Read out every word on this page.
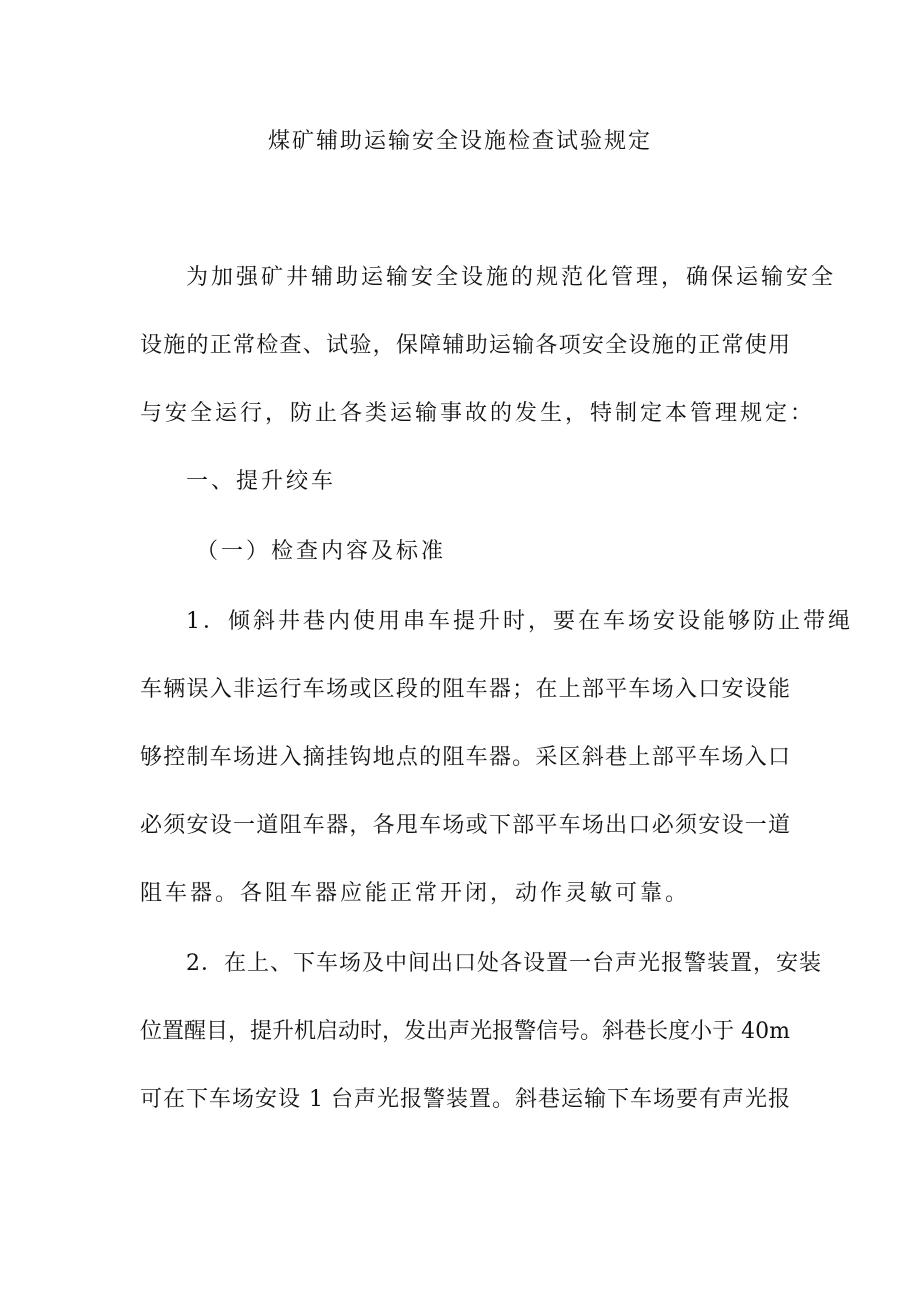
煤矿辅助运输安全设施检查试验规定
为加强矿井辅助运输安全设施的规范化管理，确保运输安全
设施的正常检查、试验，保障辅助运输各项安全设施的正常使用
与安全运行，防止各类运输事故的发生，特制定本管理规定：
一、提升绞车
（一）检查内容及标准
1．倾斜井巷内使用串车提升时，要在车场安设能够防止带绳
车辆误入非运行车场或区段的阻车器；在上部平车场入口安设能
够控制车场进入摘挂钩地点的阻车器。采区斜巷上部平车场入口
必须安设一道阻车器，各甩车场或下部平车场出口必须安设一道
阻车器。各阻车器应能正常开闭，动作灵敏可靠。
2．在上、下车场及中间出口处各设置一台声光报警装置，安装
位置醒目，提升机启动时，发出声光报警信号。斜巷长度小于 40m
可在下车场安设 1 台声光报警装置。斜巷运输下车场要有声光报
